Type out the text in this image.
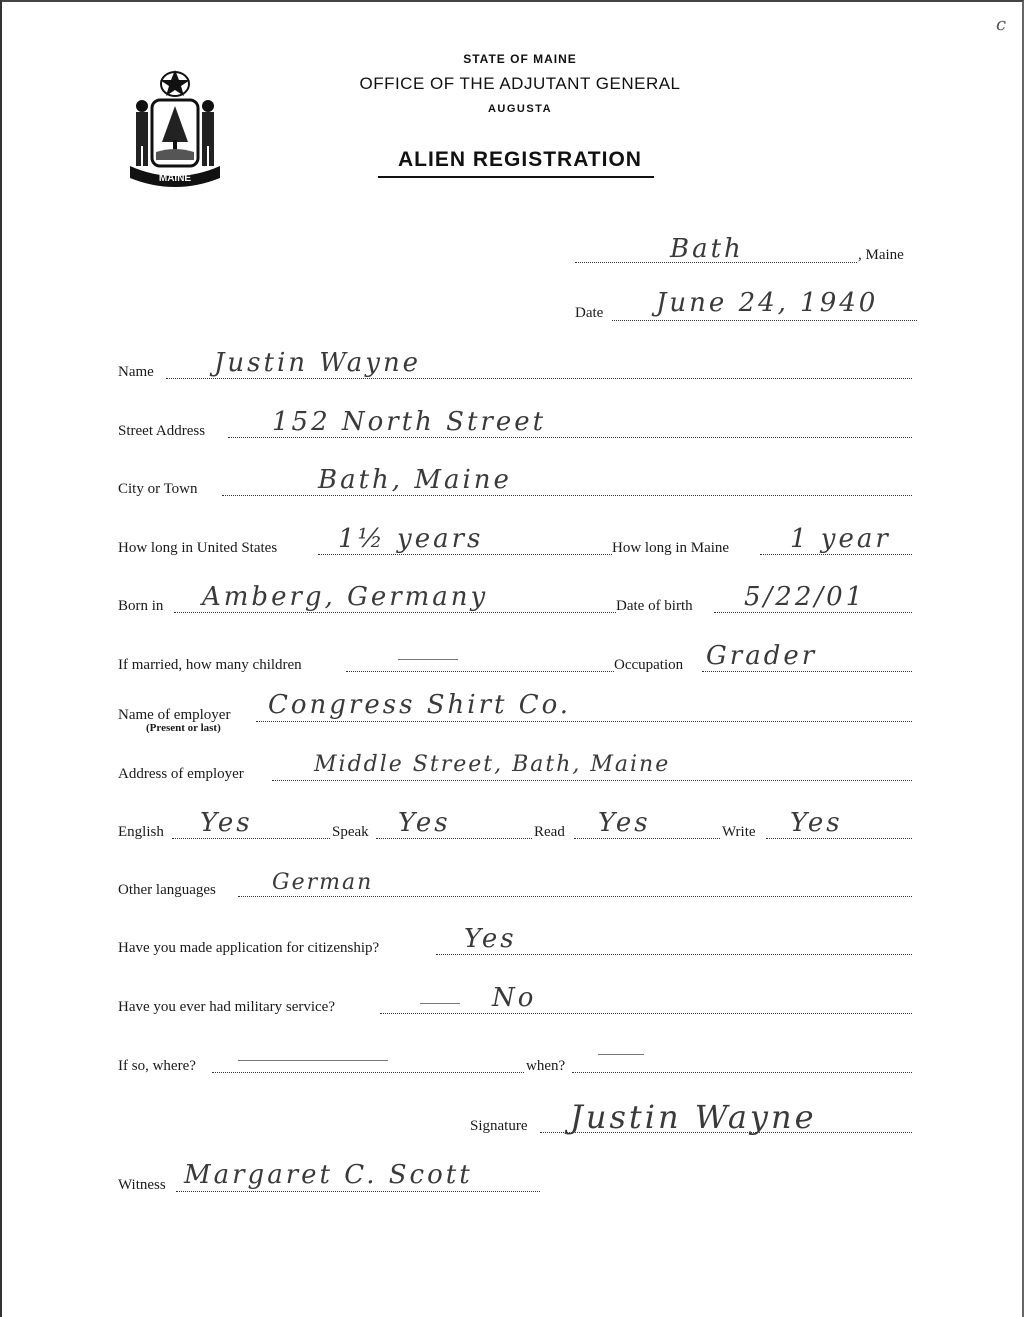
c
MAINE
STATE OF MAINE
OFFICE OF THE ADJUTANT GENERAL
AUGUSTA
ALIEN REGISTRATION
Bath	, Maine
Date June 24, 1940
Name Justin Wayne
Street Address	152 North Street
City or Town	Bath, Maine
How long in United States 1½ years	How long in Maine 1 year
Born in Amberg, Germany	Date of birth 5/22/01
If married, how many children	Occupation Grader
Name of employer
(Present or last)
Congress Shirt Co.
Address of employer	Middle Street, Bath, Maine
English Yes	Speak Yes	Read Yes	Write Yes
Other languages	German
Have you made application for citizenship?	Yes
Have you ever had military service?	No
If so, where?	when?
Signature Justin Wayne
Witness Margaret C. Scott
